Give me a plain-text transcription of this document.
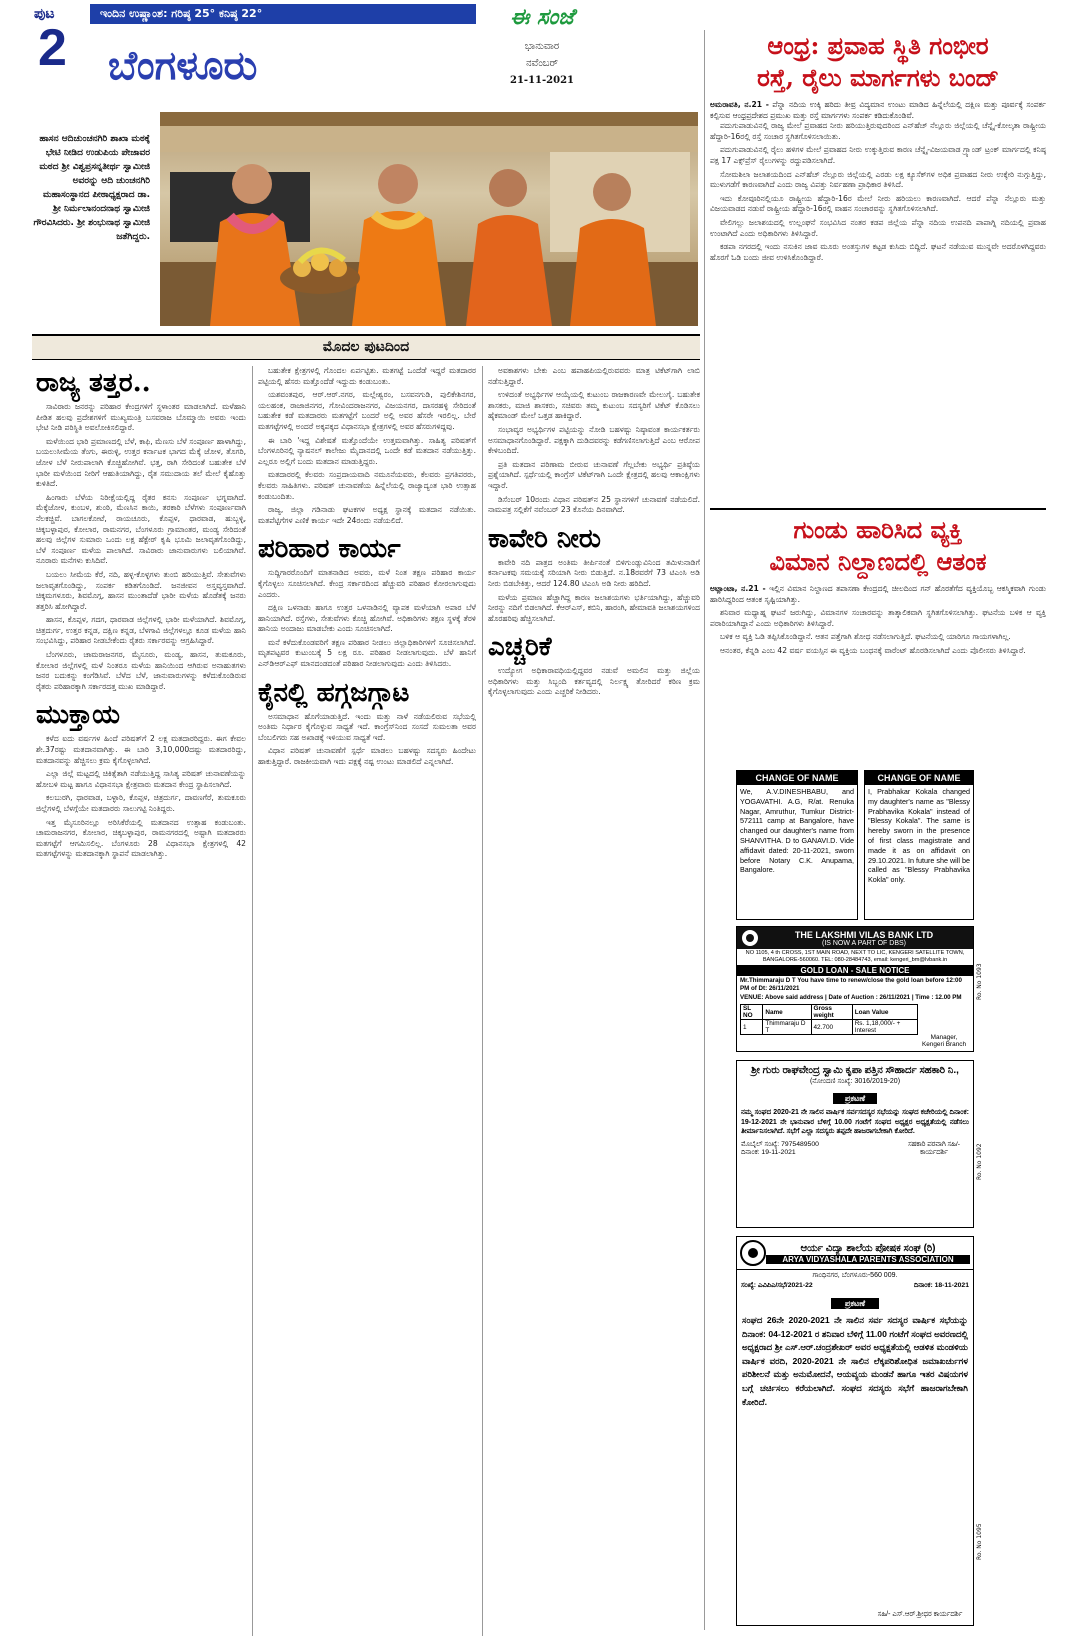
ಪುಟ
2
ಇಂದಿನ ಉಷ್ಣಾಂಶ: ಗರಿಷ್ಠ 25° ಕನಿಷ್ಠ 22°
ಬೆಂಗಳೂರು
ಈ ಸಂಜೆ
ಭಾನುವಾರ
ನವೆಂಬರ್
21-11-2021
ಹಾಸನ ಆದಿಚುಂಚನಗಿರಿ ಶಾಖಾ ಮಠಕ್ಕೆ ಭೇಟಿ ನೀಡಿದ ಉಡುಪಿಯ ಪೇಜಾವರ ಮಠದ ಶ್ರೀ ವಿಶ್ವಪ್ರಸನ್ನತೀರ್ಥ ಸ್ವಾಮೀಜಿ ಅವರನ್ನು ಆದಿ ಚುಂಚನಗಿರಿ ಮಹಾಸಂಸ್ಥಾನದ ಪೀಠಾಧ್ಯಕ್ಷರಾದ ಡಾ. ಶ್ರೀ ನಿರ್ಮಲಾನಂದನಾಥ ಸ್ವಾಮೀಜಿ ಗೌರವಿಸಿದರು. ಶ್ರೀ ಶಂಭುನಾಥ ಸ್ವಾಮೀಜಿ ಜತೆಗಿದ್ದರು.
ಆಂಧ್ರ: ಪ್ರವಾಹ ಸ್ಥಿತಿ ಗಂಭೀರ
ರಸ್ತೆ, ರೈಲು ಮಾರ್ಗಗಳು ಬಂದ್
ಅಮರಾವತಿ, ನ.21 - ಪೆನ್ನಾ ನದಿಯ ಉಕ್ಕಿ ಹರಿದು ತೀವ್ರ ವಿದ್ಯಮಾನ ಉಂಟು ಮಾಡಿದ ಹಿನ್ನೆಲೆಯಲ್ಲಿ ದಕ್ಷಿಣ ಮತ್ತು ಪೂರ್ವಕ್ಕೆ ಸಂಪರ್ಕ ಕಲ್ಪಿಸುವ ಆಂಧ್ರಪ್ರದೇಶದ ಪ್ರಮುಖ ಮತ್ತು ರಸ್ತೆ ಮಾರ್ಗಗಳು ಸಂಪರ್ಕ ಕಡಿದುಕೊಂಡಿವೆ.

ಪದುಗುಪಾಡುವಿನಲ್ಲಿ ರಾಜ್ಯ ಮೇಲೆ ಪ್ರವಾಹದ ನೀರು ಹರಿಯುತ್ತಿರುವುದರಿಂದ ಎನ್‌ಹೆಚ್ ನೆಲ್ಲೂರು ಜಿಲ್ಲೆಯಲ್ಲಿ ಚೆನ್ನೈ-ಕೋಲ್ಕತಾ ರಾಷ್ಟ್ರೀಯ ಹೆದ್ದಾರಿ-16ರಲ್ಲಿ ರಸ್ತೆ ಸಂಚಾರ ಸ್ಥಗಿತಗೊಳಿಸಲಾಯಿತು.

ಪದುಗುಪಾಡುವಿನಲ್ಲಿ ರೈಲು ಹಳಿಗಳ ಮೇಲೆ ಪ್ರವಾಹದ ನೀರು ಉಕ್ಕುತ್ತಿರುವ ಕಾರಣ ಚೆನ್ನೈ-ವಿಜಯವಾಡ ಗ್ರ್ಯಾಂಡ್ ಟ್ರಂಕ್ ಮಾರ್ಗದಲ್ಲಿ ಕನಿಷ್ಠ ಪಕ್ಷ 17 ಎಕ್ಸ್‌ಪ್ರೆಸ್ ರೈಲುಗಳನ್ನು ರದ್ದುಪಡಿಸಲಾಗಿದೆ.

ಸೋಮಶಿಲಾ ಜಲಾಶಯದಿಂದ ಎನ್‌ಹೆಚ್ ನೆಲ್ಲೂರು ಜಿಲ್ಲೆಯಲ್ಲಿ ಎರಡು ಲಕ್ಷ ಕ್ಯೂಸೆಕ್‌ಗಳ ಅಧಿಕ ಪ್ರವಾಹದ ನೀರು ಉಕ್ಕೇರಿ ನುಗ್ಗುತ್ತಿದ್ದು, ಮುಳುಗಡೆಗೆ ಕಾರಣವಾಗಿದೆ ಎಂದು ರಾಜ್ಯ ವಿಪತ್ತು ನಿರ್ವಹಣಾ ಪ್ರಾಧಿಕಾರ ತಿಳಿಸಿದೆ.

ಇದು ಕೋವೂರಿನಲ್ಲಿಯೂ ರಾಷ್ಟ್ರೀಯ ಹೆದ್ದಾರಿ-16ರ ಮೇಲೆ ನೀರು ಹರಿಯಲು ಕಾರಣವಾಗಿದೆ. ಆದರೆ ಪೆನ್ನಾ ನೆಲ್ಲೂರು ಮತ್ತು ವಿಜಯವಾಡದ ನಡುವೆ ರಾಷ್ಟ್ರೀಯ ಹೆದ್ದಾರಿ-16ರಲ್ಲಿ ವಾಹನ ಸಂಚಾರವನ್ನು ಸ್ಥಗಿತಗೊಳಿಸಲಾಗಿದೆ.

ವೇಲಿಗಲ್ಲು ಜಲಾಶಯದಲ್ಲಿ ಉಲ್ಲಂಘನೆ ಸಂಭವಿಸಿದ ನಂತರ ಕಡಪ ಜಿಲ್ಲೆಯ ಪೆನ್ನಾ ನದಿಯ ಉಪನದಿ ಪಾಪಾಗ್ನಿ ನದಿಯಲ್ಲಿ ಪ್ರವಾಹ ಉಂಟಾಗಿದೆ ಎಂದು ಅಧಿಕಾರಿಗಳು ತಿಳಿಸಿದ್ದಾರೆ.

ಕಡಪಾ ನಗರದಲ್ಲಿ ಇಂದು ನಸುಕಿನ ಜಾವ ಮೂರು ಅಂತಸ್ತುಗಳ ಕಟ್ಟಡ ಕುಸಿದು ಬಿದ್ದಿದೆ. ಘಟನೆ ನಡೆಯುವ ಮುನ್ನವೇ ಅದರೊಳಗಿದ್ದವರು ಹೊರಗೆ ಓಡಿ ಬಂದು ಜೀವ ಉಳಿಸಿಕೊಂಡಿದ್ದಾರೆ.

ಗುಂಡು ಹಾರಿಸಿದ ವ್ಯಕ್ತಿ
ವಿಮಾನ ನಿಲ್ದಾಣದಲ್ಲಿ ಆತಂಕ
ಅಟ್ಲಾಂಟಾ, ನ.21 - ಇಲ್ಲಿನ ವಿಮಾನ ನಿಲ್ದಾಣದ ತಪಾಸಣಾ ಕೇಂದ್ರದಲ್ಲಿ ಚೀಲದಿಂದ ಗನ್ ಹೊರತೆಗೆದ ವ್ಯಕ್ತಿಯೊಬ್ಬ ಆಕಸ್ಮಿಕವಾಗಿ ಗುಂಡು ಹಾರಿಸಿದ್ದರಿಂದ ಆತಂಕ ಸೃಷ್ಟಿಯಾಗಿತ್ತು.

ಶನಿವಾರ ಮಧ್ಯಾಹ್ನ ಘಟನೆ ಜರುಗಿದ್ದು, ವಿಮಾನಗಳ ಸಂಚಾರವನ್ನು ತಾತ್ಕಾಲಿಕವಾಗಿ ಸ್ಥಗಿತಗೊಳಿಸಲಾಗಿತ್ತು. ಘಟನೆಯ ಬಳಿಕ ಆ ವ್ಯಕ್ತಿ ಪರಾರಿಯಾಗಿದ್ದಾನೆ ಎಂದು ಅಧಿಕಾರಿಗಳು ತಿಳಿಸಿದ್ದಾರೆ.

ಬಳಿಕ ಆ ವ್ಯಕ್ತಿ ಓಡಿ ತಪ್ಪಿಸಿಕೊಂಡಿದ್ದಾನೆ. ಆತನ ಪತ್ತೆಗಾಗಿ ಶೋಧ ನಡೆಸಲಾಗುತ್ತಿದೆ. ಘಟನೆಯಲ್ಲಿ ಯಾರಿಗೂ ಗಾಯಗಳಾಗಿಲ್ಲ.

ಆನಂತರ, ಕೆನ್ನಡಿ ಎಂಬ 42 ವರ್ಷ ವಯಸ್ಸಿನ ಈ ವ್ಯಕ್ತಿಯ ಬಂಧನಕ್ಕೆ ವಾರೆಂಟ್ ಹೊರಡಿಸಲಾಗಿದೆ ಎಂದು ಪೊಲೀಸರು ತಿಳಿಸಿದ್ದಾರೆ.

CHANGE OF NAME
We, A.V.DINESHBABU, and YOGAVATHI. A.G, R/at. Renuka Nagar, Amruthur, Tumkur District-572111 camp at Bangalore, have changed our daughter's name from SHANVITHA. D to GANAVI.D. Vide affidavit dated: 20-11-2021, sworn before Notary C.K. Anupama, Bangalore.
CHANGE OF NAME
I, Prabhakar Kokala changed my daughter's name as "Blessy Prabhavika Kokala" instead of "Blessy Kokala". The same is hereby sworn in the presence of first class magistrate and made it as on affidavit on 29.10.2021. In future she will be called as "Blessy Prabhavika Kokla" only.
THE LAKSHMI VILAS BANK LTD
(IS NOW A PART OF DBS)
NO 1105, 4 th CROSS, 1ST MAIN ROAD, NEXT TO LIC, KENGERI SATELLITE TOWN, BANGALORE-560060. TEL: 080-28484743, email: kengeri_bm@lvbank.in
GOLD LOAN - SALE NOTICE
Mr.Thimmaraju D T You have time to renew/close the gold loan before 12:00 PM of Dt: 26/11/2021
VENUE: Above said address | Date of Auction : 26/11/2021 | Time : 12.00 PM
SL NO	Name	Gross weight	Loan Value
1	Thimmaraju D T	42.700	Rs. 1,18,000/- + Interest
Manager, Kengeri Branch
ಶ್ರೀ ಗುರು ರಾಘವೇಂದ್ರ ಸ್ವಾಮಿ ಕೃಪಾ ಪತ್ತಿನ ಸೌಹಾರ್ದ ಸಹಕಾರಿ ನಿ.,
(ನೋಂದಣಿ ಸಂಖ್ಯೆ: 3016/2019-20)
ಪ್ರಕಟಣೆ
ನಮ್ಮ ಸಂಘದ 2020-21 ನೇ ಸಾಲಿನ ವಾರ್ಷಿಕ ಸರ್ವಸದಸ್ಯರ ಸಭೆಯನ್ನು ಸಂಘದ ಕಚೇರಿಯಲ್ಲಿ ದಿನಾಂಕ: 19-12-2021 ನೇ ಭಾನುವಾರ ಬೆಳಿಗ್ಗೆ 10.00 ಗಂಟೆಗೆ ಸಂಘದ ಅಧ್ಯಕ್ಷರ ಅಧ್ಯಕ್ಷತೆಯಲ್ಲಿ ನಡೆಸಲು ತೀರ್ಮಾನಿಸಲಾಗಿದೆ. ಸಭೆಗೆ ಎಲ್ಲಾ ಸದಸ್ಯರು ತಪ್ಪದೇ ಹಾಜರಾಗಬೇಕಾಗಿ ಕೋರಿದೆ.
ಮೊಬೈಲ್ ಸಂಖ್ಯೆ: 7975489500
ದಿನಾಂಕ: 19-11-2021
ಸಹಕಾರಿ ಪರವಾಗಿ ಸಹಿ/- ಕಾರ್ಯದರ್ಶಿ
ಆರ್ಯ ವಿದ್ಯಾ ಶಾಲೆಯ ಪೋಷಕ ಸಂಘ (ರಿ)
ARYA VIDYASHALA PARENTS ASSOCIATION
ಗಾಂಧಿನಗರ, ಬೆಂಗಳೂರು-560 009.
ಸಂಖ್ಯೆ: ಎವಿಪಿಎ/ಸಭೆ/2021-22	ದಿನಾಂಕ: 18-11-2021
ಪ್ರಕಟಣೆ
ಸಂಘದ 26ನೇ 2020-2021 ನೇ ಸಾಲಿನ ಸರ್ವ ಸದಸ್ಯರ ವಾರ್ಷಿಕ ಸಭೆಯನ್ನು ದಿನಾಂಕ: 04-12-2021 ರ ಶನಿವಾರ ಬೆಳಿಗ್ಗೆ 11.00 ಗಂಟೆಗೆ ಸಂಘದ ಅವರಣದಲ್ಲಿ ಅಧ್ಯಕ್ಷರಾದ ಶ್ರೀ ಎಸ್.ಆರ್.ಚಂದ್ರಶೇಖರ್ ಅವರ ಅಧ್ಯಕ್ಷತೆಯಲ್ಲಿ ಆಡಳಿತ ಮಂಡಳಿಯ ವಾರ್ಷಿಕ ವರದಿ, 2020-2021 ನೇ ಸಾಲಿನ ಲೆಕ್ಕಪರಿಶೋಧಿತ ಜಮಾಖರ್ಚುಗಳ ಪರಿಶೀಲನೆ ಮತ್ತು ಅನುಮೋದನೆ, ಆಯವ್ಯಯ ಮಂಡನೆ ಹಾಗೂ ಇತರ ವಿಷಯಗಳ ಬಗ್ಗೆ ಚರ್ಚಿಸಲು ಕರೆಯಲಾಗಿದೆ. ಸಂಘದ ಸದಸ್ಯರು ಸಭೆಗೆ ಹಾಜರಾಗಬೇಕಾಗಿ ಕೋರಿದೆ.
ಸಹಿ/- ಎಸ್.ಆರ್.ಶ್ರೀಧರ ಕಾರ್ಯದರ್ಶಿ
Ro. No 1093
Ro. No 1092
Ro. No 1095
ಮೊದಲ ಪುಟದಿಂದ
ರಾಜ್ಯ ತತ್ತರ..

ಸಾವಿರಾರು ಜನರನ್ನು ಪರಿಹಾರ ಕೇಂದ್ರಗಳಿಗೆ ಸ್ಥಳಾಂತರ ಮಾಡಲಾಗಿದೆ. ಮಳೆಹಾನಿ ಪೀಡಿತ ಹಲವು ಪ್ರದೇಶಗಳಿಗೆ ಮುಖ್ಯಮಂತ್ರಿ ಬಸವರಾಜ ಬೊಮ್ಮಾಯಿ ಅವರು ಇಂದು ಭೇಟಿ ನೀಡಿ ಪರಿಸ್ಥಿತಿ ಅವಲೋಕಿಸಲಿದ್ದಾರೆ.

ಮಳೆಯಿಂದ ಭಾರಿ ಪ್ರಮಾಣದಲ್ಲಿ ಬೆಳೆ, ಕಾಫಿ, ಮೆಣಸು ಬೆಳೆ ಸಂಪೂರ್ಣ ಹಾಳಾಗಿದ್ದು, ಬಯಲುಸೀಮೆಯ ತೆಂಗು, ಈರುಳ್ಳಿ, ಉತ್ತರ ಕರ್ನಾಟಕ ಭಾಗದ ಮೆಕ್ಕೆ ಜೋಳ, ತೊಗರಿ, ಜೋಳ ಬೆಳೆ ನೀರುಪಾಲಾಗಿ ಕೊಚ್ಚಿಹೋಗಿವೆ. ಭತ್ತ, ರಾಗಿ ಸೇರಿದಂತೆ ಬಹುತೇಕ ಬೆಳೆ ಭಾರೀ ಮಳೆಯಿಂದ ನೀರಿಗೆ ಆಹುತಿಯಾಗಿದ್ದು, ರೈತ ಸಮುದಾಯ ತಲೆ ಮೇಲೆ ಕೈಹೊತ್ತು ಕುಳಿತಿದೆ.

ಹಿಂಗಾರು ಬೆಳೆಯ ನಿರೀಕ್ಷೆಯಲ್ಲಿದ್ದ ರೈತರ ಕನಸು ಸಂಪೂರ್ಣ ಭಗ್ನವಾಗಿದೆ. ಮೆಕ್ಕೆಜೋಳ, ಕುಂಬಳ, ಶುಂಠಿ, ಮೆಣಸಿನ ಕಾಯಿ, ತರಕಾರಿ ಬೆಳೆಗಳು ಸಂಪೂರ್ಣವಾಗಿ ನೆಲಕಚ್ಚಿವೆ. ಬಾಗಲಕೋಟೆ, ರಾಯಚೂರು, ಕೊಪ್ಪಳ, ಧಾರವಾಡ, ಹುಬ್ಬಳ್ಳಿ, ಚಿಕ್ಕಬಳ್ಳಾಪುರ, ಕೋಲಾರ, ರಾಮನಗರ, ಬೆಂಗಳೂರು ಗ್ರಾಮಾಂತರ, ಮಂಡ್ಯ ಸೇರಿದಂತೆ ಹಲವು ಜಿಲ್ಲೆಗಳ ಸುಮಾರು ಒಂದು ಲಕ್ಷ ಹೆಕ್ಟೇರ್ ಕೃಷಿ ಭೂಮಿ ಜಲಾವೃತಗೊಂಡಿದ್ದು, ಬೆಳೆ ಸಂಪೂರ್ಣ ಮಳೆಯ ಪಾಲಾಗಿದೆ. ಸಾವಿರಾರು ಜಾನುವಾರುಗಳು ಬಲಿಯಾಗಿವೆ. ನೂರಾರು ಮನೆಗಳು ಕುಸಿದಿವೆ.

ಬಯಲು ಸೀಮೆಯ ಕೆರೆ, ನದಿ, ಹಳ್ಳ-ಕೊಳ್ಳಗಳು ತುಂಬಿ ಹರಿಯುತ್ತಿವೆ. ಸೇತುವೆಗಳು ಜಲಾವೃತಗೊಂಡಿದ್ದು, ಸಂಪರ್ಕ ಕಡಿತಗೊಂಡಿದೆ. ಜನಜೀವನ ಅಸ್ತವ್ಯಸ್ತವಾಗಿದೆ. ಚಿಕ್ಕಮಗಳೂರು, ಶಿವಮೊಗ್ಗ, ಹಾಸನ ಮುಂತಾದೆಡೆ ಭಾರೀ ಮಳೆಯ ಹೊಡೆತಕ್ಕೆ ಜನರು ತತ್ತರಿಸಿ ಹೋಗಿದ್ದಾರೆ.

ಹಾಸನ, ಕೊಪ್ಪಳ, ಗದಗ, ಧಾರವಾಡ ಜಿಲ್ಲೆಗಳಲ್ಲಿ ಭಾರೀ ಮಳೆಯಾಗಿದೆ. ಶಿವಮೊಗ್ಗ, ಚಿತ್ರದುರ್ಗ, ಉತ್ತರ ಕನ್ನಡ, ದಕ್ಷಿಣ ಕನ್ನಡ, ಬೆಳಗಾವಿ ಜಿಲ್ಲೆಗಳಲ್ಲೂ ಕೂಡ ಮಳೆಯ ಹಾನಿ ಸಂಭವಿಸಿದ್ದು, ಪರಿಹಾರ ನೀಡಬೇಕೆಂದು ರೈತರು ಸರ್ಕಾರವನ್ನು ಆಗ್ರಹಿಸಿದ್ದಾರೆ.

ಬೆಂಗಳೂರು, ಚಾಮರಾಜನಗರ, ಮೈಸೂರು, ಮಂಡ್ಯ, ಹಾಸನ, ತುಮಕೂರು, ಕೋಲಾರ ಜಿಲ್ಲೆಗಳಲ್ಲಿ ಮಳೆ ನಿಂತರೂ ಮಳೆಯ ಹಾನಿಯಿಂದ ಆಗಿರುವ ಅನಾಹುತಗಳು ಜನರ ಬದುಕನ್ನು ಕಂಗೆಡಿಸಿವೆ. ಬೆಳೆದ ಬೆಳೆ, ಜಾನುವಾರುಗಳನ್ನು ಕಳೆದುಕೊಂಡಿರುವ ರೈತರು ಪರಿಹಾರಕ್ಕಾಗಿ ಸರ್ಕಾರದತ್ತ ಮುಖ ಮಾಡಿದ್ದಾರೆ.

ಮುಕ್ತಾಯ

ಕಳೆದ ಐದು ವರ್ಷಗಳ ಹಿಂದೆ ಪರಿಷತ್‌ಗೆ 2 ಲಕ್ಷ ಮತದಾರರಿದ್ದರು. ಈಗ ಕೇವಲ ಶೇ.37ರಷ್ಟು ಮತದಾನವಾಗಿತ್ತು. ಈ ಬಾರಿ 3,10,000ದಷ್ಟು ಮತದಾರರಿದ್ದು, ಮತದಾನವನ್ನು ಹೆಚ್ಚಿಸಲು ಕ್ರಮ ಕೈಗೊಳ್ಳಲಾಗಿದೆ.

ಎಲ್ಲಾ ಜಿಲ್ಲೆ ಮಟ್ಟದಲ್ಲಿ ಚಿಕಿತ್ಸೆತಾಗಿ ನಡೆಯುತ್ತಿದ್ದ ಸಾಸಿತ್ಯ ಪರಿಷತ್ ಚುನಾವಣೆಯನ್ನು ಹೋಬಳಿ ಮಟ್ಟ ಹಾಗೂ ವಿಧಾನಸಭಾ ಕ್ಷೇತ್ರವಾರು ಮತದಾನ ಕೇಂದ್ರ ಸ್ಥಾಪಿಸಲಾಗಿದೆ.

ಕಲಬುರಗಿ, ಧಾರವಾಡ, ಬಳ್ಳಾರಿ, ಕೊಪ್ಪಳ, ಚಿತ್ರದುರ್ಗ, ದಾವಣಗೆರೆ, ತುಮಕೂರು ಜಿಲ್ಲೆಗಳಲ್ಲಿ ಬೆಳಗ್ಗೆಯೇ ಮತದಾರರು ಸಾಲುಗಟ್ಟಿ ನಿಂತಿದ್ದರು.

ಇತ್ತ ಮೈಸೂರಿನಲ್ಲೂ ಅರಿಸಿಕೆರೆಯಲ್ಲಿ ಮತದಾನದ ಉತ್ಸಾಹ ಕಂಡುಬಂತು. ಚಾಮರಾಜನಗರ, ಕೋಲಾರ, ಚಿಕ್ಕಬಳ್ಳಾಪುರ, ರಾಮನಗರದಲ್ಲಿ ಅಷ್ಟಾಗಿ ಮತದಾರರು ಮತಗಟ್ಟೆಗೆ ಆಗಮಿಸಲಿಲ್ಲ. ಬೆಂಗಳೂರು 28 ವಿಧಾನಸಭಾ ಕ್ಷೇತ್ರಗಳಲ್ಲಿ 42 ಮತಗಟ್ಟೆಗಳನ್ನು ಮತದಾನಕ್ಕಾಗಿ ಸ್ಥಾಪನೆ ಮಾಡಲಾಗಿತ್ತು.

ಬಹುತೇಕ ಕ್ಷೇತ್ರಗಳಲ್ಲಿ ಗೊಂದಲ ಏರ್ಪಟ್ಟಿತು. ಮತಗಟ್ಟೆ ಒಂದೆಡೆ ಇದ್ದರೆ ಮತದಾರರ ಪಟ್ಟಿಯಲ್ಲಿ ಹೆಸರು ಮತ್ತೊಂದೆಡೆ ಇದ್ದುದು ಕಂಡುಬಂತು.

ಯಶವಂತಪುರ, ಆರ್.ಆರ್.ನಗರ, ಮಲ್ಲೇಶ್ವರಂ, ಬಸವನಗುಡಿ, ಪುಲಿಕೇಶಿನಗರ, ಯಲಹಂಕ, ರಾಜಾಜಿನಗರ, ಗೋವಿಂದರಾಜನಗರ, ವಿಜಯನಗರ, ದಾಸರಹಳ್ಳಿ ಸೇರಿದಂತೆ ಬಹುತೇಕ ಕಡೆ ಮತದಾರರು ಮತಗಟ್ಟೆಗೆ ಬಂದರೆ ಅಲ್ಲಿ ಅವರ ಹೆಸರೇ ಇರಲಿಲ್ಲ. ಬೇರೆ ಮತಗಟ್ಟೆಗಳಲ್ಲಿ ಅಂದರೆ ಅಕ್ಕಪಕ್ಕದ ವಿಧಾನಸಭಾ ಕ್ಷೇತ್ರಗಳಲ್ಲಿ ಅವರ ಹೆಸರುಗಳಿದ್ದವು.

ಈ ಬಾರಿ 'ಇದ್ದ ವಿಶೇಷತೆ ಮತ್ತೊಂದೆಯೇ ಉತ್ತಮವಾಗಿತ್ತು. ಸಾಹಿತ್ಯ ಪರಿಷತ್‌ಗೆ ಬೆಂಗಳೂರಿನಲ್ಲಿ ನ್ಯಾಷನಲ್ ಕಾಲೇಜು ಮೈದಾನದಲ್ಲಿ ಒಂದೇ ಕಡೆ ಮತದಾನ ನಡೆಯುತ್ತಿತ್ತು. ಎಲ್ಲರೂ ಅಲ್ಲಿಗೆ ಬಂದು ಮತದಾನ ಮಾಡುತ್ತಿದ್ದರು.

ಮತದಾರರಲ್ಲಿ ಕೆಲವರು ಸಂಪ್ರದಾಯವಾದಿ ನಮೂನೆಯವರು, ಕೆಲವರು ಪ್ರಗತಿಪರರು, ಕೆಲವರು ಸಾಹಿತಿಗಳು. ಪರಿಷತ್ ಚುನಾವಣೆಯ ಹಿನ್ನೆಲೆಯಲ್ಲಿ ರಾಜ್ಯಾದ್ಯಂತ ಭಾರಿ ಉತ್ಸಾಹ ಕಂಡುಬಂದಿತು.

ರಾಜ್ಯ, ಜಿಲ್ಲಾ ಗಡಿನಾಡು ಘಟಕಗಳ ಅಧ್ಯಕ್ಷ ಸ್ಥಾನಕ್ಕೆ ಮತದಾನ ನಡೆಯಿತು. ಮತಪೆಟ್ಟಿಗೆಗಳ ಎಣಿಕೆ ಕಾರ್ಯ ಇದೇ 24ರಂದು ನಡೆಯಲಿದೆ.

ಪರಿಹಾರ ಕಾರ್ಯ

ಸುದ್ದಿಗಾರರೊಂದಿಗೆ ಮಾತನಾಡಿದ ಅವರು, ಮಳೆ ನಿಂತ ತಕ್ಷಣ ಪರಿಹಾರ ಕಾರ್ಯ ಕೈಗೊಳ್ಳಲು ಸೂಚಿಸಲಾಗಿದೆ. ಕೇಂದ್ರ ಸರ್ಕಾರದಿಂದ ಹೆಚ್ಚುವರಿ ಪರಿಹಾರ ಕೋರಲಾಗುವುದು ಎಂದರು.

ದಕ್ಷಿಣ ಒಳನಾಡು ಹಾಗೂ ಉತ್ತರ ಒಳನಾಡಿನಲ್ಲಿ ವ್ಯಾಪಕ ಮಳೆಯಾಗಿ ಅಪಾರ ಬೆಳೆ ಹಾನಿಯಾಗಿದೆ. ರಸ್ತೆಗಳು, ಸೇತುವೆಗಳು ಕೊಚ್ಚಿ ಹೋಗಿವೆ. ಅಧಿಕಾರಿಗಳು ತಕ್ಷಣ ಸ್ಥಳಕ್ಕೆ ತೆರಳಿ ಹಾನಿಯ ಅಂದಾಜು ಮಾಡಬೇಕು ಎಂದು ಸೂಚಿಸಲಾಗಿದೆ.

ಮನೆ ಕಳೆದುಕೊಂಡವರಿಗೆ ತಕ್ಷಣ ಪರಿಹಾರ ನೀಡಲು ಜಿಲ್ಲಾಧಿಕಾರಿಗಳಿಗೆ ಸೂಚಿಸಲಾಗಿದೆ. ಮೃತಪಟ್ಟವರ ಕುಟುಂಬಕ್ಕೆ 5 ಲಕ್ಷ ರೂ. ಪರಿಹಾರ ನೀಡಲಾಗುವುದು. ಬೆಳೆ ಹಾನಿಗೆ ಎನ್‌ಡಿಆರ್‌ಎಫ್ ಮಾನದಂಡದಂತೆ ಪರಿಹಾರ ನೀಡಲಾಗುವುದು ಎಂದು ತಿಳಿಸಿದರು.

ಕೈನಲ್ಲಿ ಹಗ್ಗಜಗ್ಗಾಟ

ಅಸಮಾಧಾನ ಹೊಗೆಯಾಡುತ್ತಿದೆ. ಇಂದು ಮತ್ತು ನಾಳೆ ನಡೆಯಲಿರುವ ಸಭೆಯಲ್ಲಿ ಅಂತಿಮ ನಿರ್ಧಾರ ಕೈಗೊಳ್ಳುವ ಸಾಧ್ಯತೆ ಇದೆ. ಕಾಂಗ್ರೆಸ್‌ನಿಂದ ಸಂಸದೆ ಸುಮಲತಾ ಅವರ ಬೆಂಬಲಿಗರು ಸಹ ಅಖಾಡಕ್ಕೆ ಇಳಿಯುವ ಸಾಧ್ಯತೆ ಇದೆ.

ವಿಧಾನ ಪರಿಷತ್ ಚುನಾವಣೆಗೆ ಸ್ಪರ್ಧೆ ಮಾಡಲು ಬಹಳಷ್ಟು ಸದಸ್ಯರು ಹಿಂದೇಟು ಹಾಕುತ್ತಿದ್ದಾರೆ. ರಾಜಕೀಯವಾಗಿ ಇದು ಪಕ್ಷಕ್ಕೆ ನಷ್ಟ ಉಂಟು ಮಾಡಲಿದೆ ಎನ್ನಲಾಗಿದೆ.

ಅವಕಾಶಗಳು ಬೇಕು ಎಂಬ ಹಪಾಹಪಿಯಲ್ಲಿರುವವರು ಮಾತ್ರ ಟಿಕೆಟ್‌ಗಾಗಿ ಲಾಬಿ ನಡೆಸುತ್ತಿದ್ದಾರೆ.

ಉಳಿದಂತೆ ಅಭ್ಯರ್ಥಿಗಳ ಆಯ್ಕೆಯಲ್ಲಿ ಕುಟುಂಬ ರಾಜಕಾರಣವೇ ಮೇಲುಗೈ. ಬಹುತೇಕ ಶಾಸಕರು, ಮಾಜಿ ಶಾಸಕರು, ಸಚಿವರು ತಮ್ಮ ಕುಟುಂಬ ಸದಸ್ಯರಿಗೆ ಟಿಕೆಟ್ ಕೊಡಿಸಲು ಹೈಕಮಾಂಡ್ ಮೇಲೆ ಒತ್ತಡ ಹಾಕಿದ್ದಾರೆ.

ಸಂಭಾವ್ಯರ ಅಭ್ಯರ್ಥಿಗಳ ಪಟ್ಟಿಯನ್ನು ನೋಡಿ ಬಹಳಷ್ಟು ನಿಷ್ಠಾವಂತ ಕಾರ್ಯಕರ್ತರು ಅಸಮಾಧಾನಗೊಂಡಿದ್ದಾರೆ. ಪಕ್ಷಕ್ಕಾಗಿ ದುಡಿದವರನ್ನು ಕಡೆಗಣಿಸಲಾಗುತ್ತಿದೆ ಎಂಬ ಆರೋಪ ಕೇಳಿಬಂದಿದೆ.

ಪ್ರತಿ ಮತದಾನ ಪರಿಣಾಮ ಬೀರುವ ಚುನಾವಣೆ ಗೆಲ್ಲಬೇಕು ಅಭ್ಯರ್ಥಿ ಪ್ರತಿಷ್ಠೆಯ ಪ್ರಶ್ನೆಯಾಗಿದೆ. ಸ್ಪರ್ಧೆಯಲ್ಲಿ ಕಾಂಗ್ರೆಸ್ ಟಿಕೆಟ್‌ಗಾಗಿ ಒಂದೇ ಕ್ಷೇತ್ರದಲ್ಲಿ ಹಲವು ಆಕಾಂಕ್ಷಿಗಳು ಇದ್ದಾರೆ.

ಡಿಸೆಂಬರ್ 10ರಂದು ವಿಧಾನ ಪರಿಷತ್‌ನ 25 ಸ್ಥಾನಗಳಿಗೆ ಚುನಾವಣೆ ನಡೆಯಲಿದೆ. ನಾಮಪತ್ರ ಸಲ್ಲಿಕೆಗೆ ನವೆಂಬರ್ 23 ಕೊನೆಯ ದಿನವಾಗಿದೆ.

ಕಾವೇರಿ ನೀರು

ಕಾವೇರಿ ನದಿ ಪಾತ್ರದ ಅಂತಿಮ ತೀರ್ಪಿನಂತೆ ಬಿಳಿಗುಂಡ್ಲುವಿನಿಂದ ತಮಿಳುನಾಡಿಗೆ ಕರ್ನಾಟಕವು ಸಮಯಕ್ಕೆ ಸರಿಯಾಗಿ ನೀರು ಬಿಡುತ್ತಿದೆ. ನ.18ರವರೆಗೆ 73 ಟಿಎಂಸಿ ಅಡಿ ನೀರು ಬಿಡಬೇಕಿತ್ತು, ಆದರೆ 124.80 ಟಿಎಂಸಿ ಅಡಿ ನೀರು ಹರಿದಿದೆ.

ಮಳೆಯ ಪ್ರಮಾಣ ಹೆಚ್ಚಾಗಿದ್ದ ಕಾರಣ ಜಲಾಶಯಗಳು ಭರ್ತಿಯಾಗಿದ್ದು, ಹೆಚ್ಚುವರಿ ನೀರನ್ನು ನದಿಗೆ ಬಿಡಲಾಗಿದೆ. ಕೆಆರ್‌ಎಸ್, ಕಬಿನಿ, ಹಾರಂಗಿ, ಹೇಮಾವತಿ ಜಲಾಶಯಗಳಿಂದ ಹೊರಹರಿವು ಹೆಚ್ಚಿಸಲಾಗಿದೆ.

ಎಚ್ಚರಿಕೆ

ಉದ್ಯೋಗ ಅಧಿಕಾರಾವಧಿಯಲ್ಲಿದ್ದವರ ನಡುವೆ ಅಮಲಿನ ಮತ್ತು ಜಿಲ್ಲೆಯ ಅಧಿಕಾರಿಗಳು ಮತ್ತು ಸಿಬ್ಬಂದಿ ಕರ್ತವ್ಯದಲ್ಲಿ ನಿರ್ಲಕ್ಷ್ಯ ತೋರಿದರೆ ಕಠಿಣ ಕ್ರಮ ಕೈಗೊಳ್ಳಲಾಗುವುದು ಎಂದು ಎಚ್ಚರಿಕೆ ನೀಡಿದರು.
